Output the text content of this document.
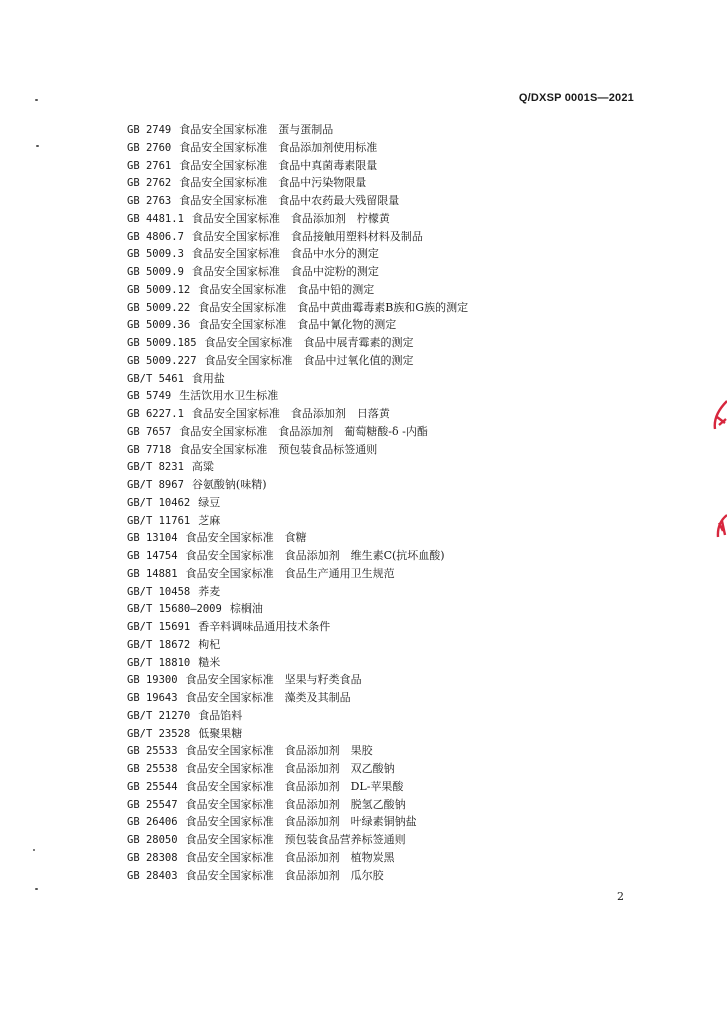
Q/DXSP 0001S—2021
GB 2749 食品安全国家标准　蛋与蛋制品
GB 2760 食品安全国家标准　食品添加剂使用标准
GB 2761 食品安全国家标准　食品中真菌毒素限量
GB 2762 食品安全国家标准　食品中污染物限量
GB 2763 食品安全国家标准　食品中农药最大残留限量
GB 4481.1 食品安全国家标准　食品添加剂　柠檬黄
GB 4806.7 食品安全国家标准　食品接触用塑料材料及制品
GB 5009.3 食品安全国家标准　食品中水分的测定
GB 5009.9 食品安全国家标准　食品中淀粉的测定
GB 5009.12 食品安全国家标准　食品中铅的测定
GB 5009.22 食品安全国家标准　食品中黄曲霉毒素B族和G族的测定
GB 5009.36 食品安全国家标准　食品中氰化物的测定
GB 5009.185 食品安全国家标准　食品中展青霉素的测定
GB 5009.227 食品安全国家标准　食品中过氧化值的测定
GB/T 5461 食用盐
GB 5749 生活饮用水卫生标准
GB 6227.1 食品安全国家标准　食品添加剂　日落黄
GB 7657 食品安全国家标准　食品添加剂　葡萄糖酸-δ -内酯
GB 7718 食品安全国家标准　预包装食品标签通则
GB/T 8231 高粱
GB/T 8967 谷氨酸钠(味精)
GB/T 10462 绿豆
GB/T 11761 芝麻
GB 13104 食品安全国家标准　食糖
GB 14754 食品安全国家标准　食品添加剂　维生素C(抗坏血酸)
GB 14881 食品安全国家标准　食品生产通用卫生规范
GB/T 10458 荞麦
GB/T 15680—2009 棕榈油
GB/T 15691 香辛料调味品通用技术条件
GB/T 18672 枸杞
GB/T 18810 糙米
GB 19300 食品安全国家标准　坚果与籽类食品
GB 19643 食品安全国家标准　藻类及其制品
GB/T 21270 食品馅料
GB/T 23528 低聚果糖
GB 25533 食品安全国家标准　食品添加剂　果胶
GB 25538 食品安全国家标准　食品添加剂　双乙酸钠
GB 25544 食品安全国家标准　食品添加剂　DL-苹果酸
GB 25547 食品安全国家标准　食品添加剂　脱氢乙酸钠
GB 26406 食品安全国家标准　食品添加剂　叶绿素铜钠盐
GB 28050 食品安全国家标准　预包装食品营养标签通则
GB 28308 食品安全国家标准　食品添加剂　植物炭黑
GB 28403 食品安全国家标准　食品添加剂　瓜尔胶
2
